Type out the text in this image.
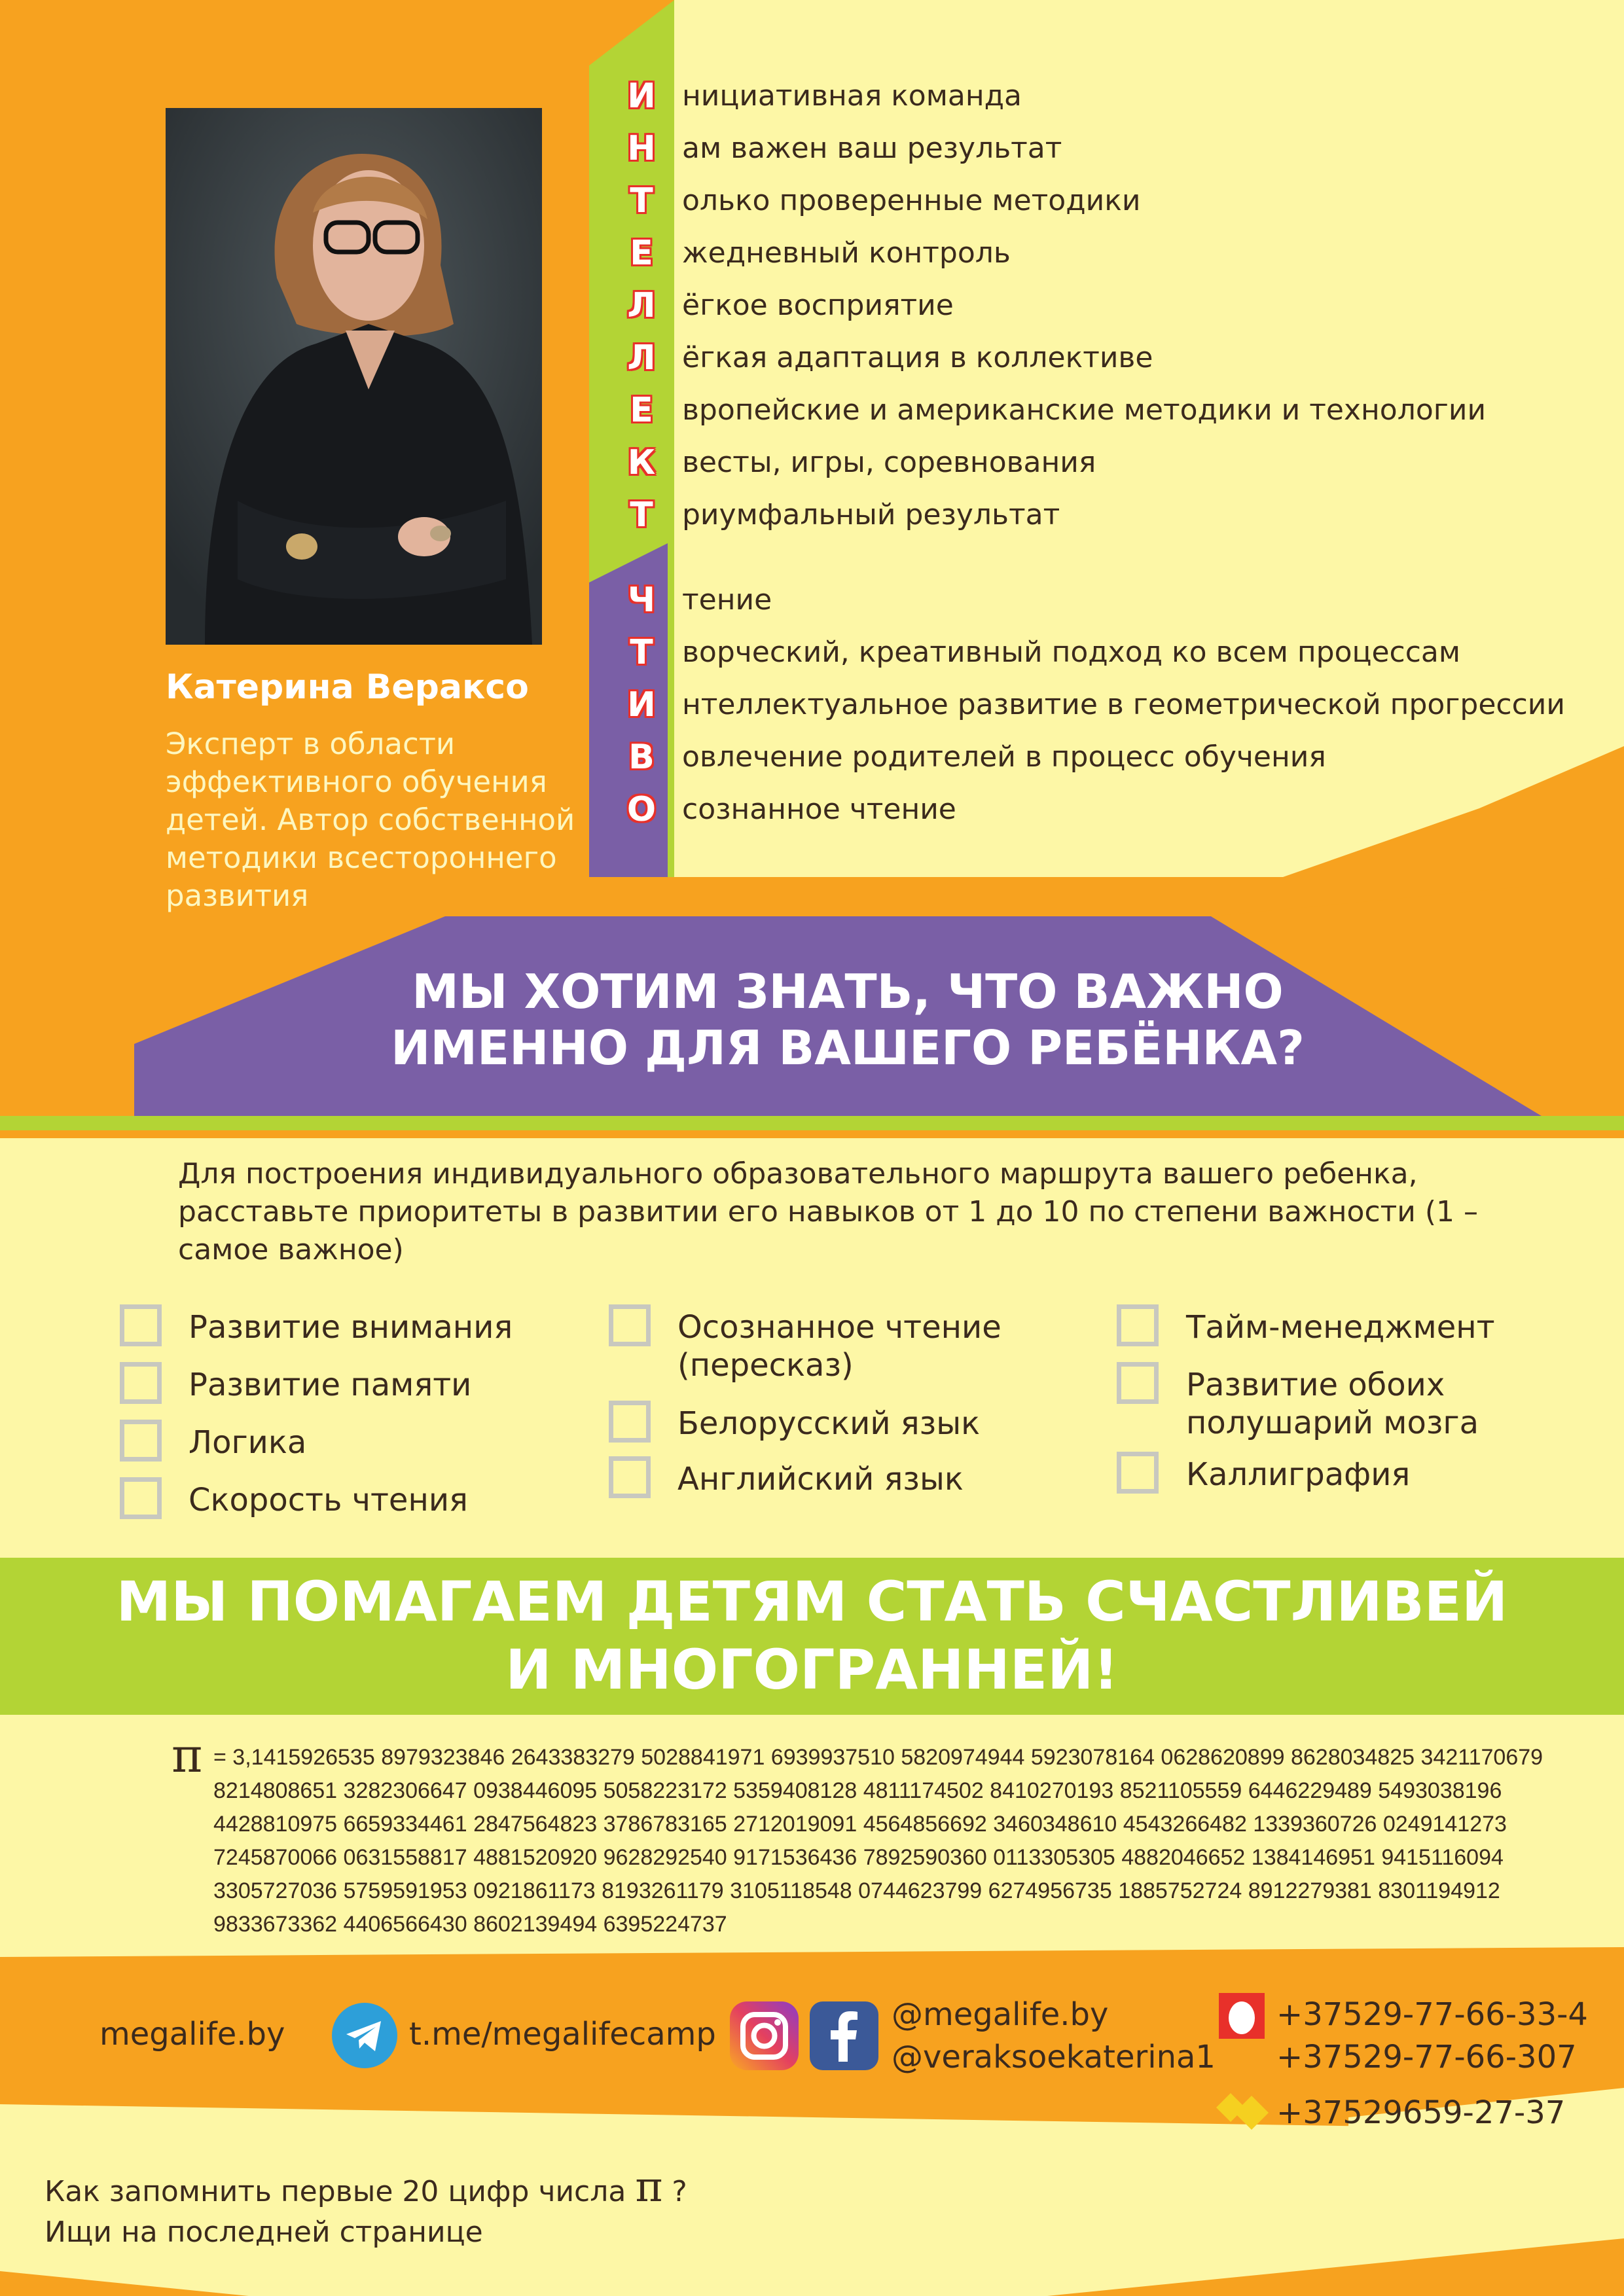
Катерина Вераксо
Эксперт в области эффективного обучения детей. Автор собственной методики всестороннего развития
И
Н
Т
Е
Л
Л
Е
К
Т
нициативная команда
ам важен ваш результат
олько проверенные методики
жедневный контроль
ёгкое восприятие
ёгкая адаптация в коллективе
вропейские и американские методики и технологии
весты, игры, соревнования
риумфальный результат
Ч
Т
И
В
О
тение
ворческий, креативный подход ко всем процессам
нтеллектуальное развитие в геометрической прогрессии
овлечение родителей в процесс обучения
сознанное чтение
МЫ ХОТИМ ЗНАТЬ, ЧТО ВАЖНО
ИМЕННО ДЛЯ ВАШЕГО РЕБЁНКА?
Для построения индивидуального образовательного маршрута вашего ребенка, расставьте приоритеты в развитии его навыков от 1 до 10 по степени важности (1 – самое важное)
Развитие внимания
Развитие памяти
Логика
Скорость чтения
Осознанное чтение (пересказ)
Белорусский язык
Английский язык
Тайм-менеджмент
Развитие обоих полушарий мозга
Каллиграфия
МЫ ПОМАГАЕМ ДЕТЯМ СТАТЬ СЧАСТЛИВЕЙ
И МНОГОГРАННЕЙ!
π = 3,1415926535 8979323846 2643383279 5028841971 6939937510 5820974944 5923078164 0628620899 8628034825 3421170679 8214808651 3282306647 0938446095 5058223172 5359408128 4811174502 8410270193 8521105559 6446229489 5493038196 4428810975 6659334461 2847564823 3786783165 2712019091 4564856692 3460348610 4543266482 1339360726 0249141273 7245870066 0631558817 4881520920 9628292540 9171536436 7892590360 0113305305 4882046652 1384146951 9415116094 3305727036 5759591953 0921861173 8193261179 3105118548 0744623799 6274956735 1885752724 8912279381 8301194912 9833673362 4406566430 8602139494 6395224737
megalife.by	t.me/megalifecamp
@megalife.by
@veraksoekaterina1
+37529-77-66-33-4
+37529-77-66-307
+37529659-27-37
Как запомнить первые 20 цифр числа π ?
Ищи на последней странице
